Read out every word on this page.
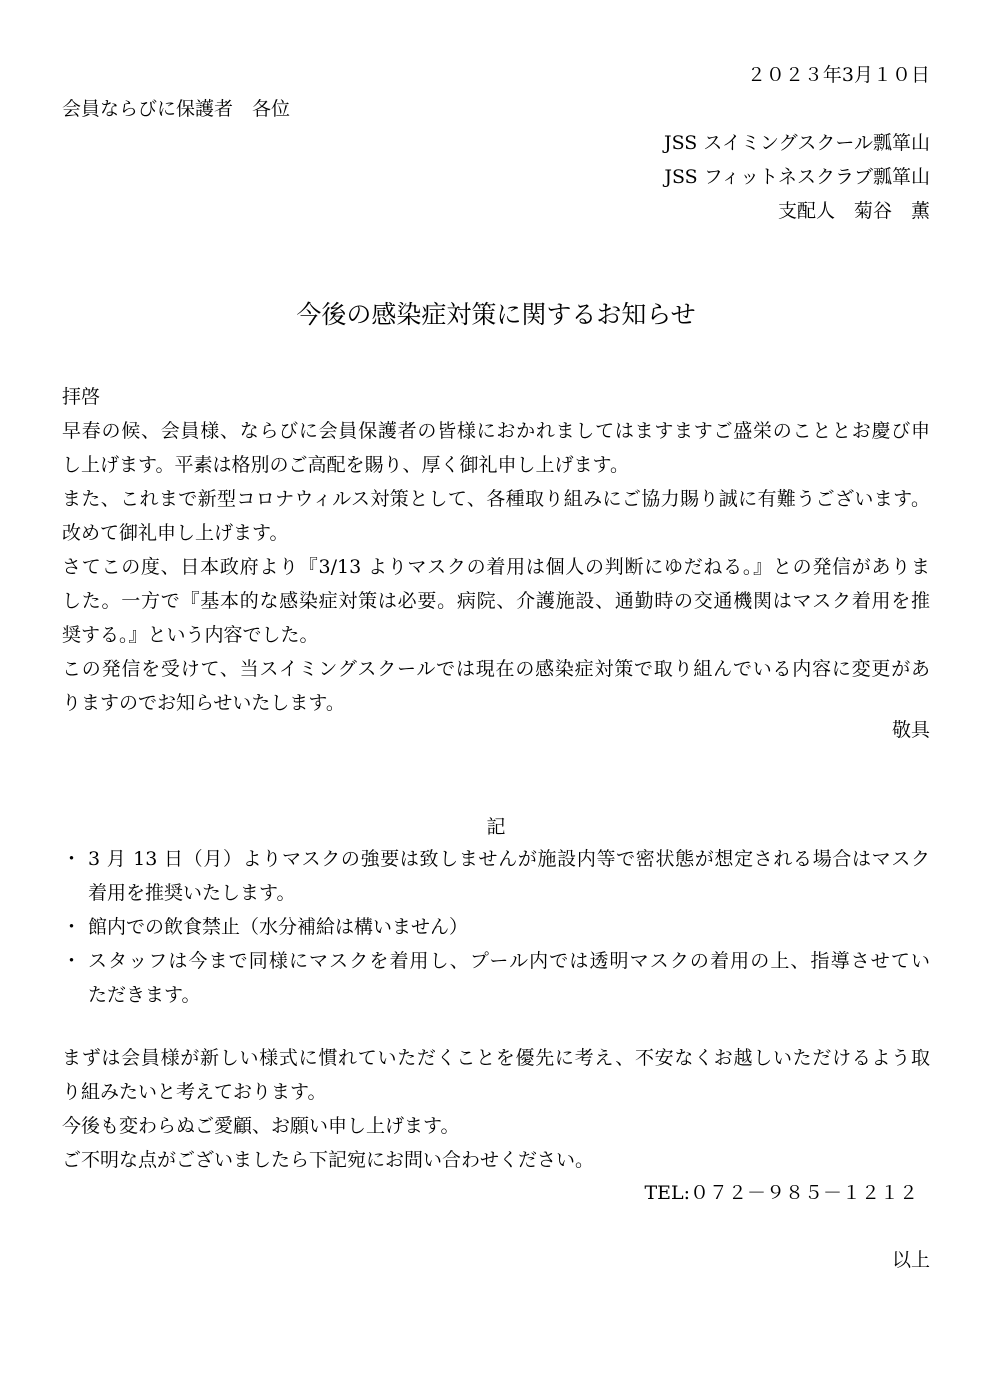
２０２３年3月１０日
会員ならびに保護者　各位
JSS スイミングスクール瓢箪山
JSS フィットネスクラブ瓢箪山
支配人　菊谷　薫
今後の感染症対策に関するお知らせ
拝啓
早春の候、会員様、ならびに会員保護者の皆様におかれましてはますますご盛栄のこととお慶び申
し上げます。平素は格別のご高配を賜り、厚く御礼申し上げます。
また、これまで新型コロナウィルス対策として、各種取り組みにご協力賜り誠に有難うございます。
改めて御礼申し上げます。
さてこの度、日本政府より『3/13 よりマスクの着用は個人の判断にゆだねる。』との発信がありま
した。一方で『基本的な感染症対策は必要。病院、介護施設、通勤時の交通機関はマスク着用を推
奨する。』という内容でした。
この発信を受けて、当スイミングスクールでは現在の感染症対策で取り組んでいる内容に変更があ
りますのでお知らせいたします。
敬具
記
・ 3 月 13 日（月）よりマスクの強要は致しませんが施設内等で密状態が想定される場合はマスク
着用を推奨いたします。
・ 館内での飲食禁止（水分補給は構いません）
・ スタッフは今まで同様にマスクを着用し、プール内では透明マスクの着用の上、指導させてい
ただきます。
まずは会員様が新しい様式に慣れていただくことを優先に考え、不安なくお越しいただけるよう取
り組みたいと考えております。
今後も変わらぬご愛顧、お願い申し上げます。
ご不明な点がございましたら下記宛にお問い合わせください。
TEL:０７２－９８５－１２１２
以上
